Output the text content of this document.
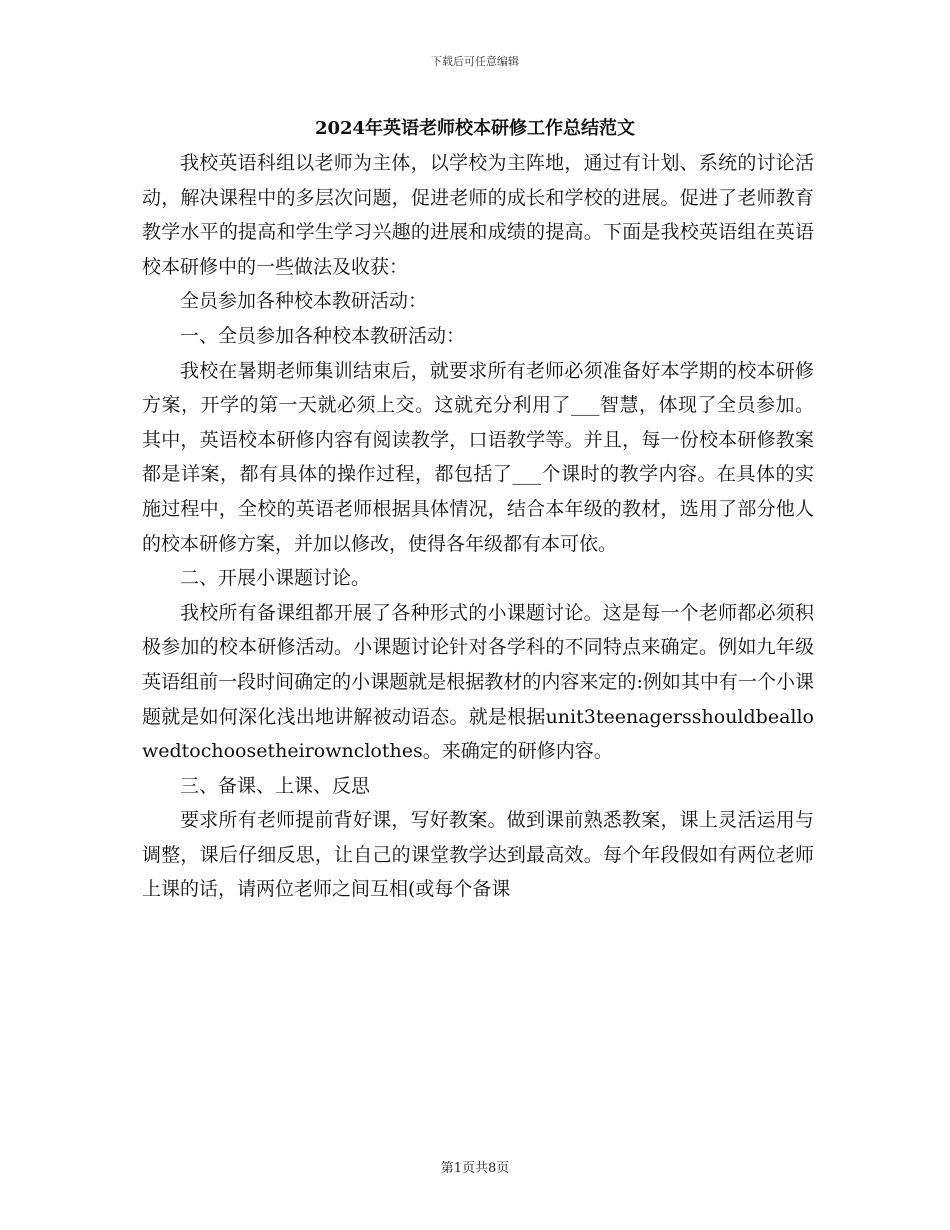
下载后可任意编辑
2024年英语老师校本研修工作总结范文

我校英语科组以老师为主体，以学校为主阵地，通过有计划、系统的讨论活动，解决课程中的多层次问题，促进老师的成长和学校的进展。促进了老师教育教学水平的提高和学生学习兴趣的进展和成绩的提高。下面是我校英语组在英语校本研修中的一些做法及收获：

全员参加各种校本教研活动：

一、全员参加各种校本教研活动：

我校在暑期老师集训结束后，就要求所有老师必须准备好本学期的校本研修方案，开学的第一天就必须上交。这就充分利用了___智慧，体现了全员参加。其中，英语校本研修内容有阅读教学，口语教学等。并且，每一份校本研修教案都是详案，都有具体的操作过程，都包括了___个课时的教学内容。在具体的实施过程中，全校的英语老师根据具体情况，结合本年级的教材，选用了部分他人的校本研修方案，并加以修改，使得各年级都有本可依。

二、开展小课题讨论。

我校所有备课组都开展了各种形式的小课题讨论。这是每一个老师都必须积极参加的校本研修活动。小课题讨论针对各学科的不同特点来确定。例如九年级英语组前一段时间确定的小课题就是根据教材的内容来定的:例如其中有一个小课题就是如何深化浅出地讲解被动语态。就是根据unit3teenagersshouldbeallowedtochoosetheirownclothes。来确定的研修内容。

三、备课、上课、反思

要求所有老师提前背好课，写好教案。做到课前熟悉教案，课上灵活运用与调整，课后仔细反思，让自己的课堂教学达到最高效。每个年段假如有两位老师上课的话，请两位老师之间互相(或每个备课

第1页共8页
